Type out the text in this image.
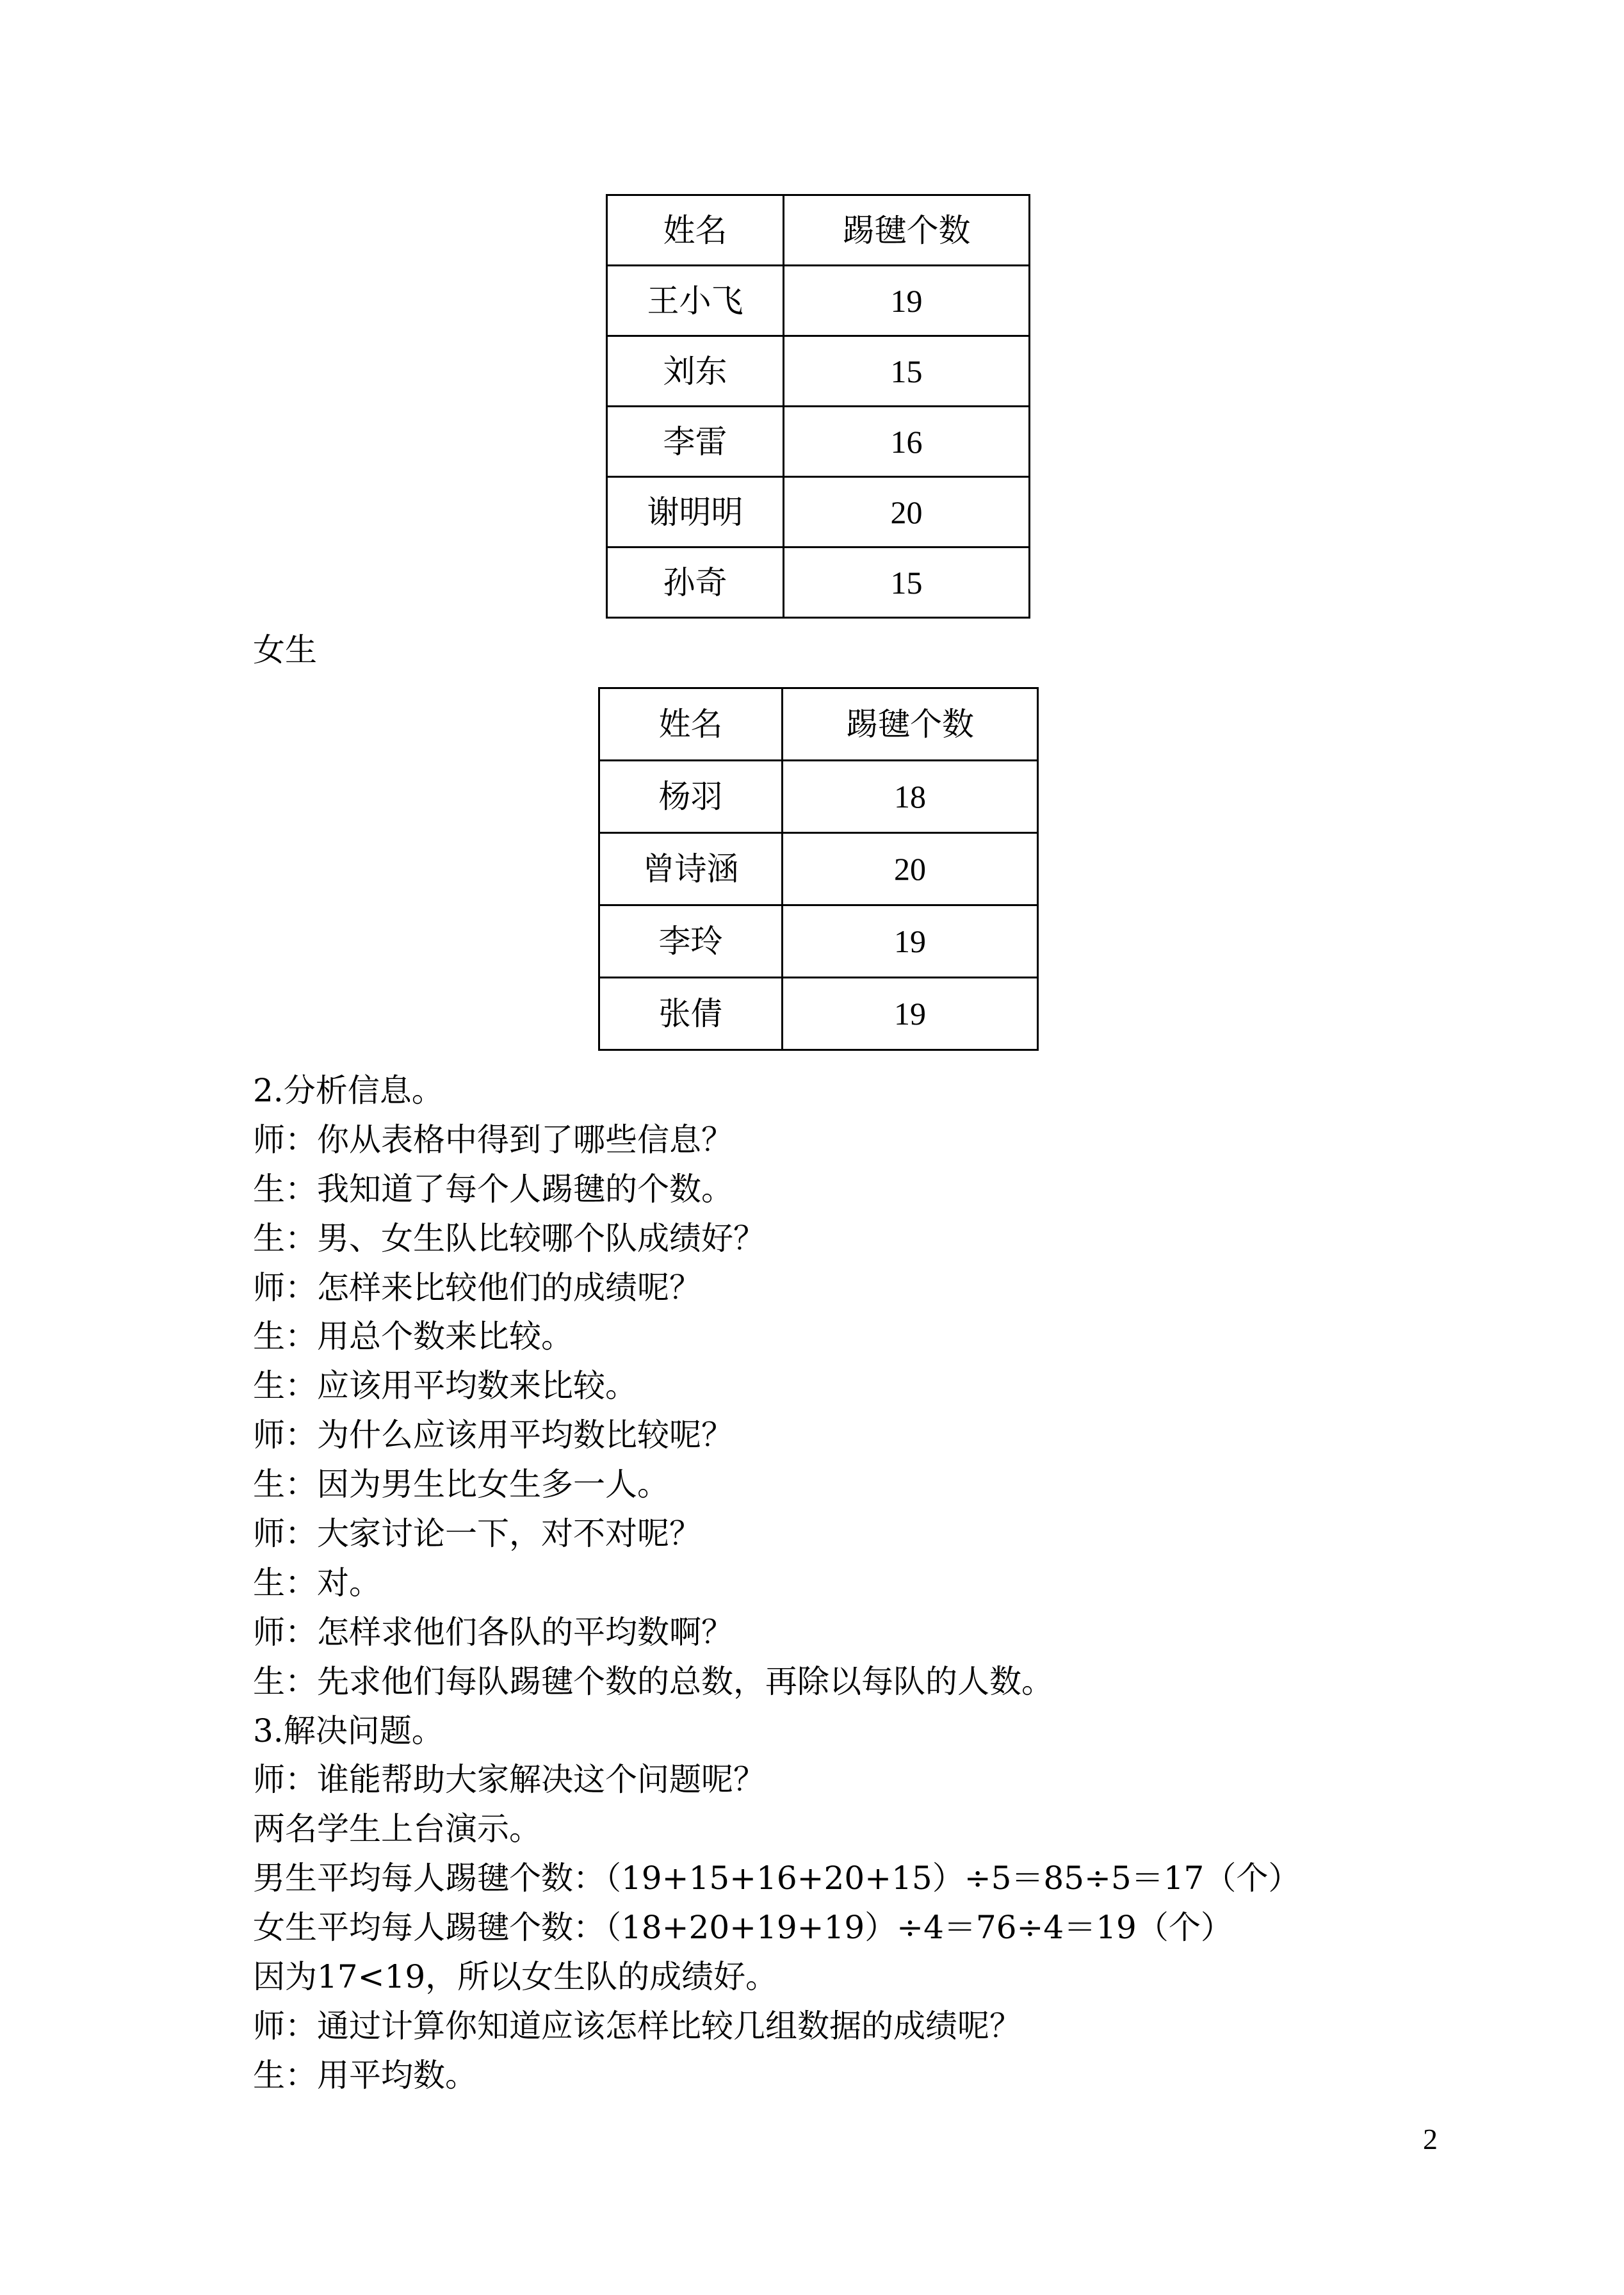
姓名	踢毽个数
王小飞	19
刘东	15
李雷	16
谢明明	20
孙奇	15
女生
姓名	踢毽个数
杨羽	18
曾诗涵	20
李玲	19
张倩	19
2.分析信息。
师：你从表格中得到了哪些信息？
生：我知道了每个人踢毽的个数。
生：男、女生队比较哪个队成绩好？
师：怎样来比较他们的成绩呢？
生：用总个数来比较。
生：应该用平均数来比较。
师：为什么应该用平均数比较呢？
生：因为男生比女生多一人。
师：大家讨论一下，对不对呢？
生：对。
师：怎样求他们各队的平均数啊？
生：先求他们每队踢毽个数的总数，再除以每队的人数。
3.解决问题。
师：谁能帮助大家解决这个问题呢？
两名学生上台演示。
男生平均每人踢毽个数：（19+15+16+20+15）÷5＝85÷5＝17（个）
女生平均每人踢毽个数：（18+20+19+19）÷4＝76÷4＝19（个）
因为17<19，所以女生队的成绩好。
师：通过计算你知道应该怎样比较几组数据的成绩呢？
生：用平均数。
2
